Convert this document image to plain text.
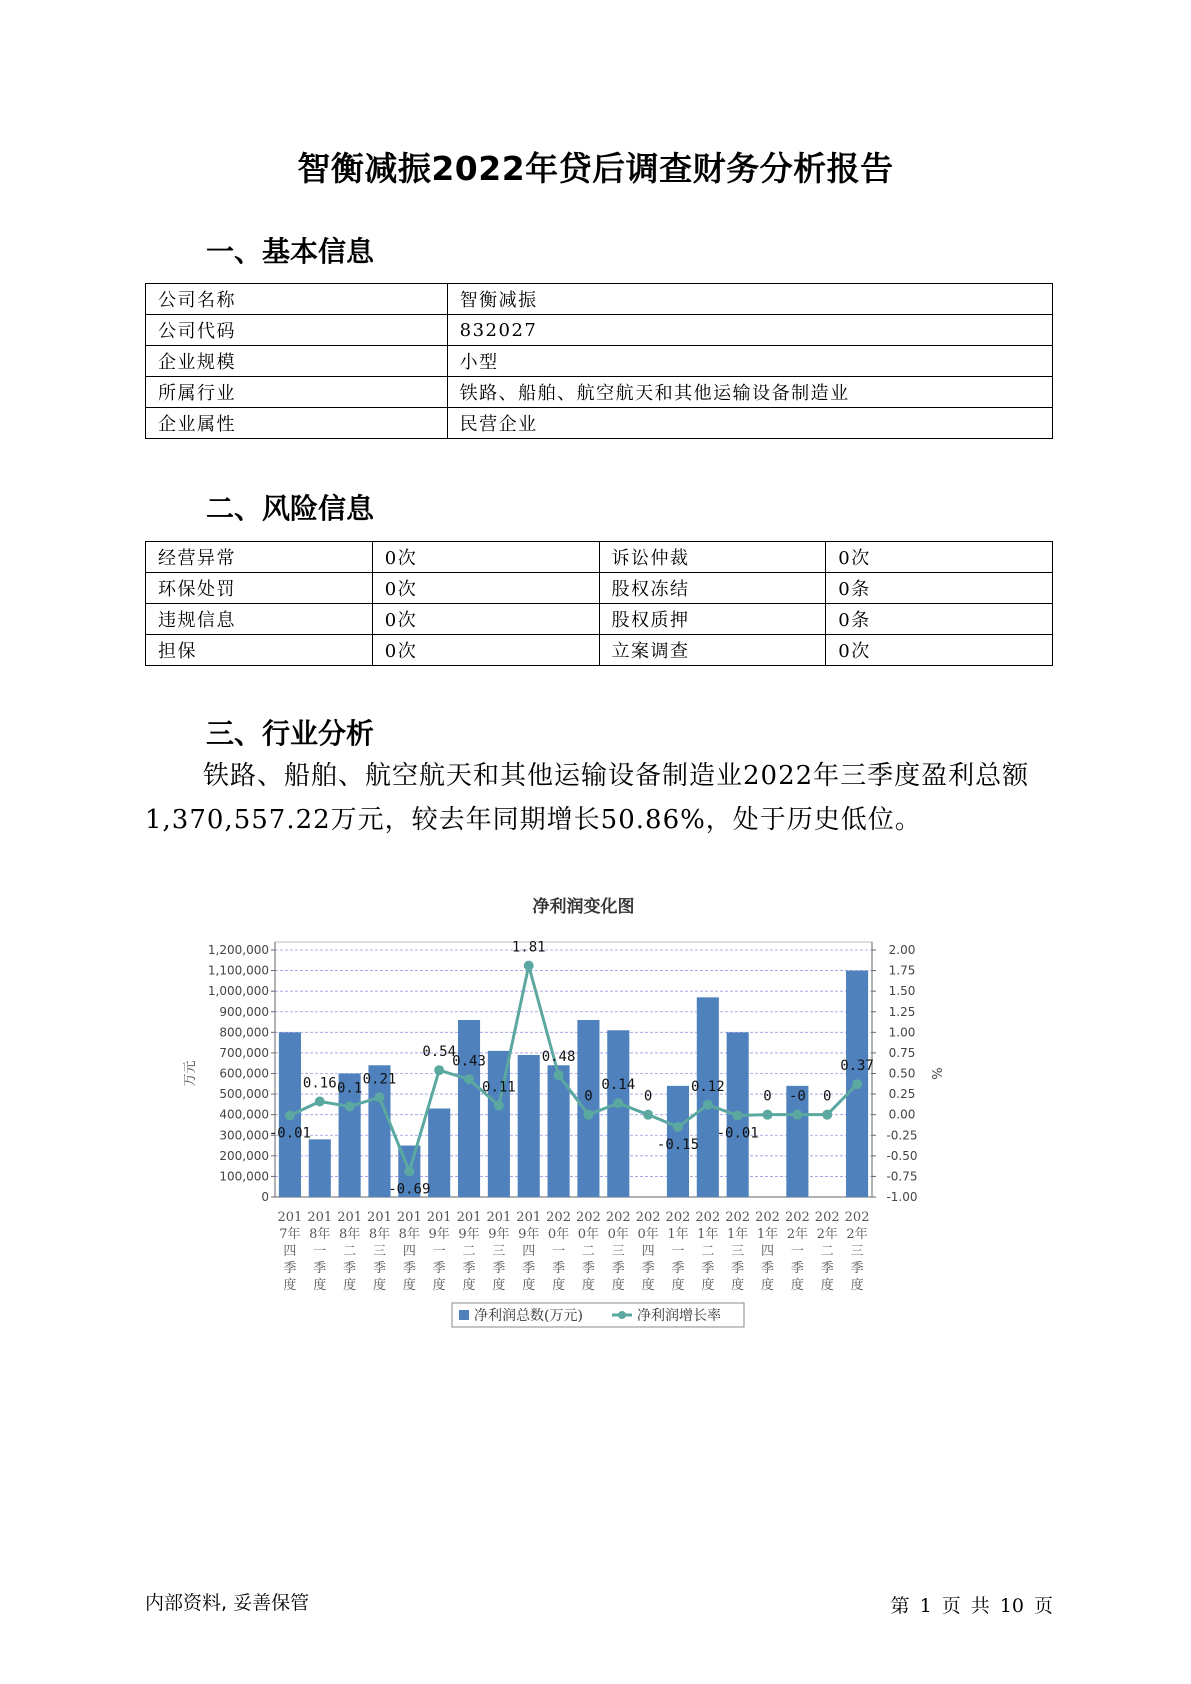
智衡减振2022年贷后调查财务分析报告
一、基本信息
公司名称	智衡减振
公司代码	832027
企业规模	小型
所属行业	铁路、船舶、航空航天和其他运输设备制造业
企业属性	民营企业
二、风险信息
经营异常	0次	诉讼仲裁	0次
环保处罚	0次	股权冻结	0条
违规信息	0次	股权质押	0条
担保	0次	立案调查	0次
三、行业分析

铁路、船舶、航空航天和其他运输设备制造业2022年三季度盈利总额1,370,557.22万元，较去年同期增长50.86%，处于历史低位。

净利润变化图
0
100,000
200,000
300,000
400,000
500,000
600,000
700,000
800,000
900,000
1,000,000
1,100,000
1,200,000
-1.00
-0.75
-0.50
-0.25
0.00
0.25
0.50
0.75
1.00
1.25
1.50
1.75
2.00
万元	%
201
7年
四
季
度
201
8年
一
季
度
201
8年
二
季
度
201
8年
三
季
度
201
8年
四
季
度
201
9年
一
季
度
201
9年
二
季
度
201
9年
三
季
度
201
9年
四
季
度
202
0年
一
季
度
202
0年
二
季
度
202
0年
三
季
度
202
0年
四
季
度
202
1年
一
季
度
202
1年
二
季
度
202
1年
三
季
度
202
1年
四
季
度
202
2年
一
季
度
202
2年
二
季
度
202
2年
三
季
度
-0.01
0.16 0.1
0.21
-0.69
0.54
0.43
0.11
1.81
0.48
0
0.14
0
-0.15
0.12
-0.01
0 -0 0
0.37
净利润总数(万元)	净利润增长率
内部资料, 妥善保管	第 1 页 共 10 页
